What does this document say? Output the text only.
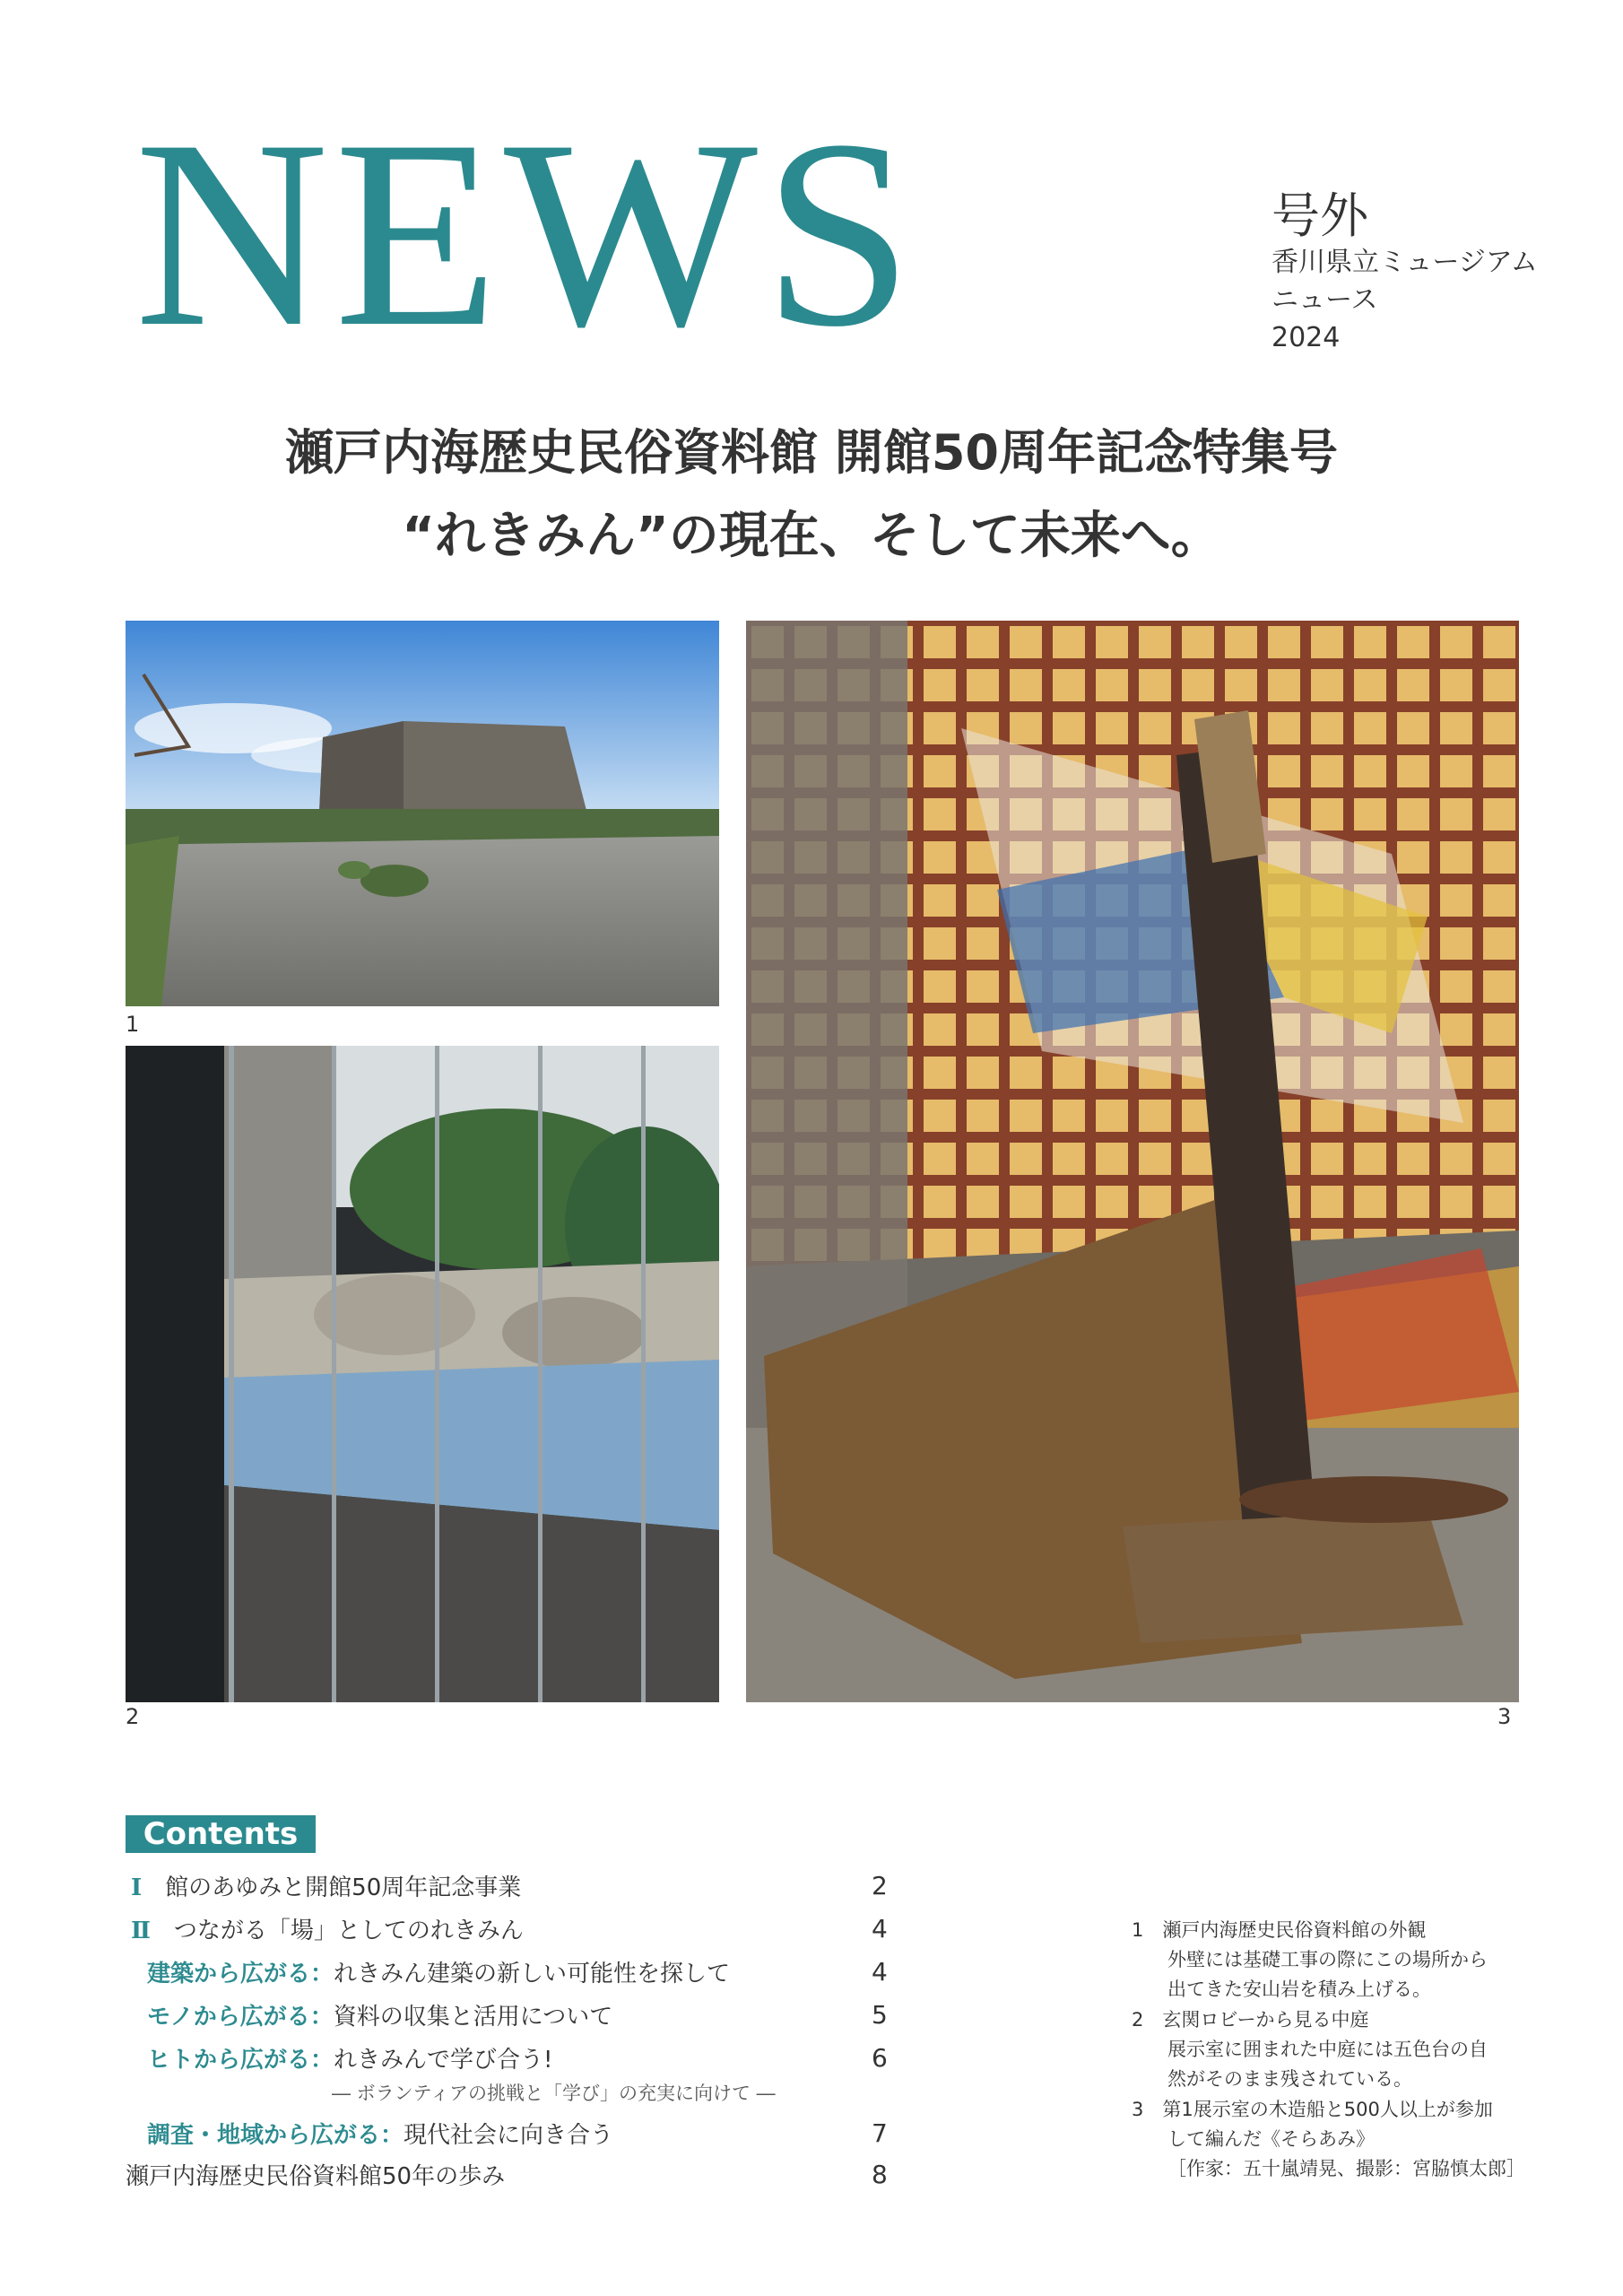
NEWS	号外
香川県立ミュージアム
ニュース
2024
瀬戸内海歴史民俗資料館 開館50周年記念特集号
“れきみん”の現在、そして未来へ。
1
2	3
Contents
Ⅰ 館のあゆみと開館50周年記念事業	2
Ⅱ つながる「場」としてのれきみん	4
建築から広がる：れきみん建築の新しい可能性を探して	4
モノから広がる：資料の収集と活用について	5
ヒトから広がる：れきみんで学び合う!	6
― ボランティアの挑戦と「学び」の充実に向けて ―
調査・地域から広がる：現代社会に向き合う	7
瀬戸内海歴史民俗資料館50年の歩み	8
1　 瀬戸内海歴史民俗資料館の外観
外壁には基礎工事の際にこの場所から
出てきた安山岩を積み上げる。
2　 玄関ロビーから見る中庭
展示室に囲まれた中庭には五色台の自
然がそのまま残されている。
3　 第1展示室の木造船と500人以上が参加
して編んだ《そらあみ》
［作家：五十嵐靖晃、撮影：宮脇慎太郎］
